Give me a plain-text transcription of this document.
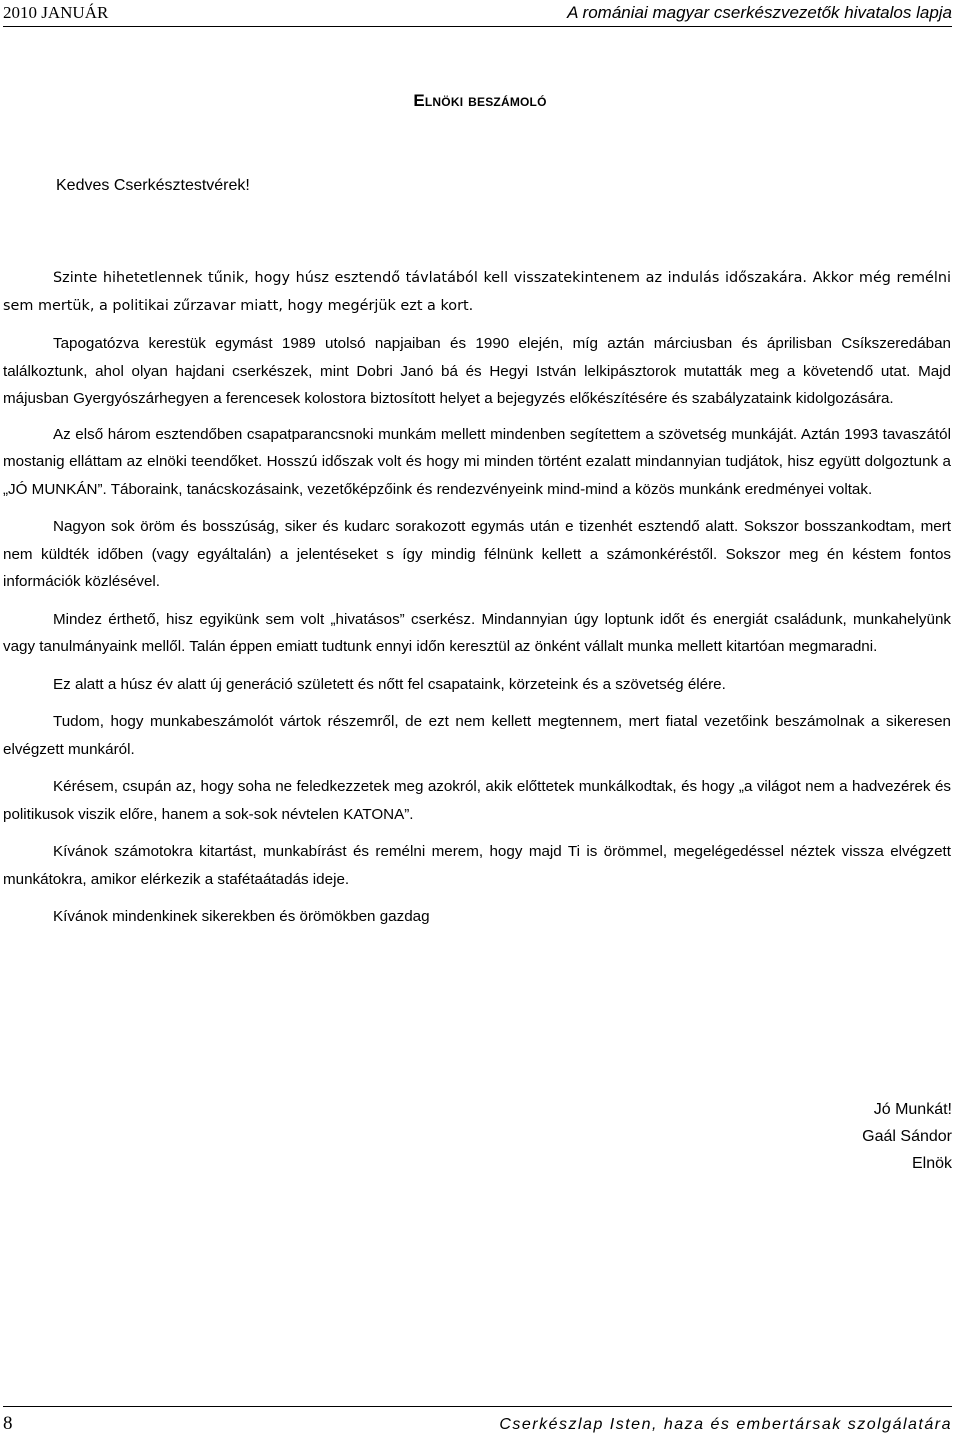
2010 JANUÁR	A romániai magyar cserkészvezetők hivatalos lapja
Elnöki beszámoló
Kedves Cserkésztestvérek!

Szinte hihetetlennek tűnik, hogy húsz esztendő távlatából kell visszatekintenem az indulás időszakára. Akkor még remélni sem mertük, a politikai zűrzavar miatt, hogy megérjük ezt a kort.

Tapogatózva kerestük egymást 1989 utolsó napjaiban és 1990 elején, míg aztán márciusban és áprilisban Csíkszeredában találkoztunk, ahol olyan hajdani cserkészek, mint Dobri Janó bá és Hegyi István lelkipásztorok mutatták meg a követendő utat. Majd májusban Gyergyószárhegyen a ferencesek kolostora biztosított helyet a bejegyzés előkészítésére és szabályzataink kidolgozására.

Az első három esztendőben csapatparancsnoki munkám mellett mindenben segítettem a szövetség munkáját. Aztán 1993 tavaszától mostanig elláttam az elnöki teendőket. Hosszú időszak volt és hogy mi minden történt ezalatt mindannyian tudjátok, hisz együtt dolgoztunk a „JÓ MUNKÁN”. Táboraink, tanácskozásaink, vezetőképzőink és rendezvényeink mind-mind a közös munkánk eredményei voltak.

Nagyon sok öröm és bosszúság, siker és kudarc sorakozott egymás után e tizenhét esztendő alatt. Sokszor bosszankodtam, mert nem küldték időben (vagy egyáltalán) a jelentéseket s így mindig félnünk kellett a számonkéréstől. Sokszor meg én késtem fontos információk közlésével.

Mindez érthető, hisz egyikünk sem volt „hivatásos” cserkész. Mindannyian úgy loptunk időt és energiát családunk, munkahelyünk vagy tanulmányaink mellől. Talán éppen emiatt tudtunk ennyi időn keresztül az önként vállalt munka mellett kitartóan megmaradni.

Ez alatt a húsz év alatt új generáció született és nőtt fel csapataink, körzeteink és a szövetség élére.

Tudom, hogy munkabeszámolót vártok részemről, de ezt nem kellett megtennem, mert fiatal vezetőink beszámolnak a sikeresen elvégzett munkáról.

Kérésem, csupán az, hogy soha ne feledkezzetek meg azokról, akik előttetek munkálkodtak, és hogy „a világot nem a hadvezérek és politikusok viszik előre, hanem a sok-sok névtelen KATONA”.

Kívánok számotokra kitartást, munkabírást és remélni merem, hogy majd Ti is örömmel, megelégedéssel néztek vissza elvégzett munkátokra, amikor elérkezik a stafétaátadás ideje.

Kívánok mindenkinek sikerekben és örömökben gazdag

Jó Munkát!
Gaál Sándor
Elnök
8	Cserkészlap Isten, haza és embertársak szolgálatára
